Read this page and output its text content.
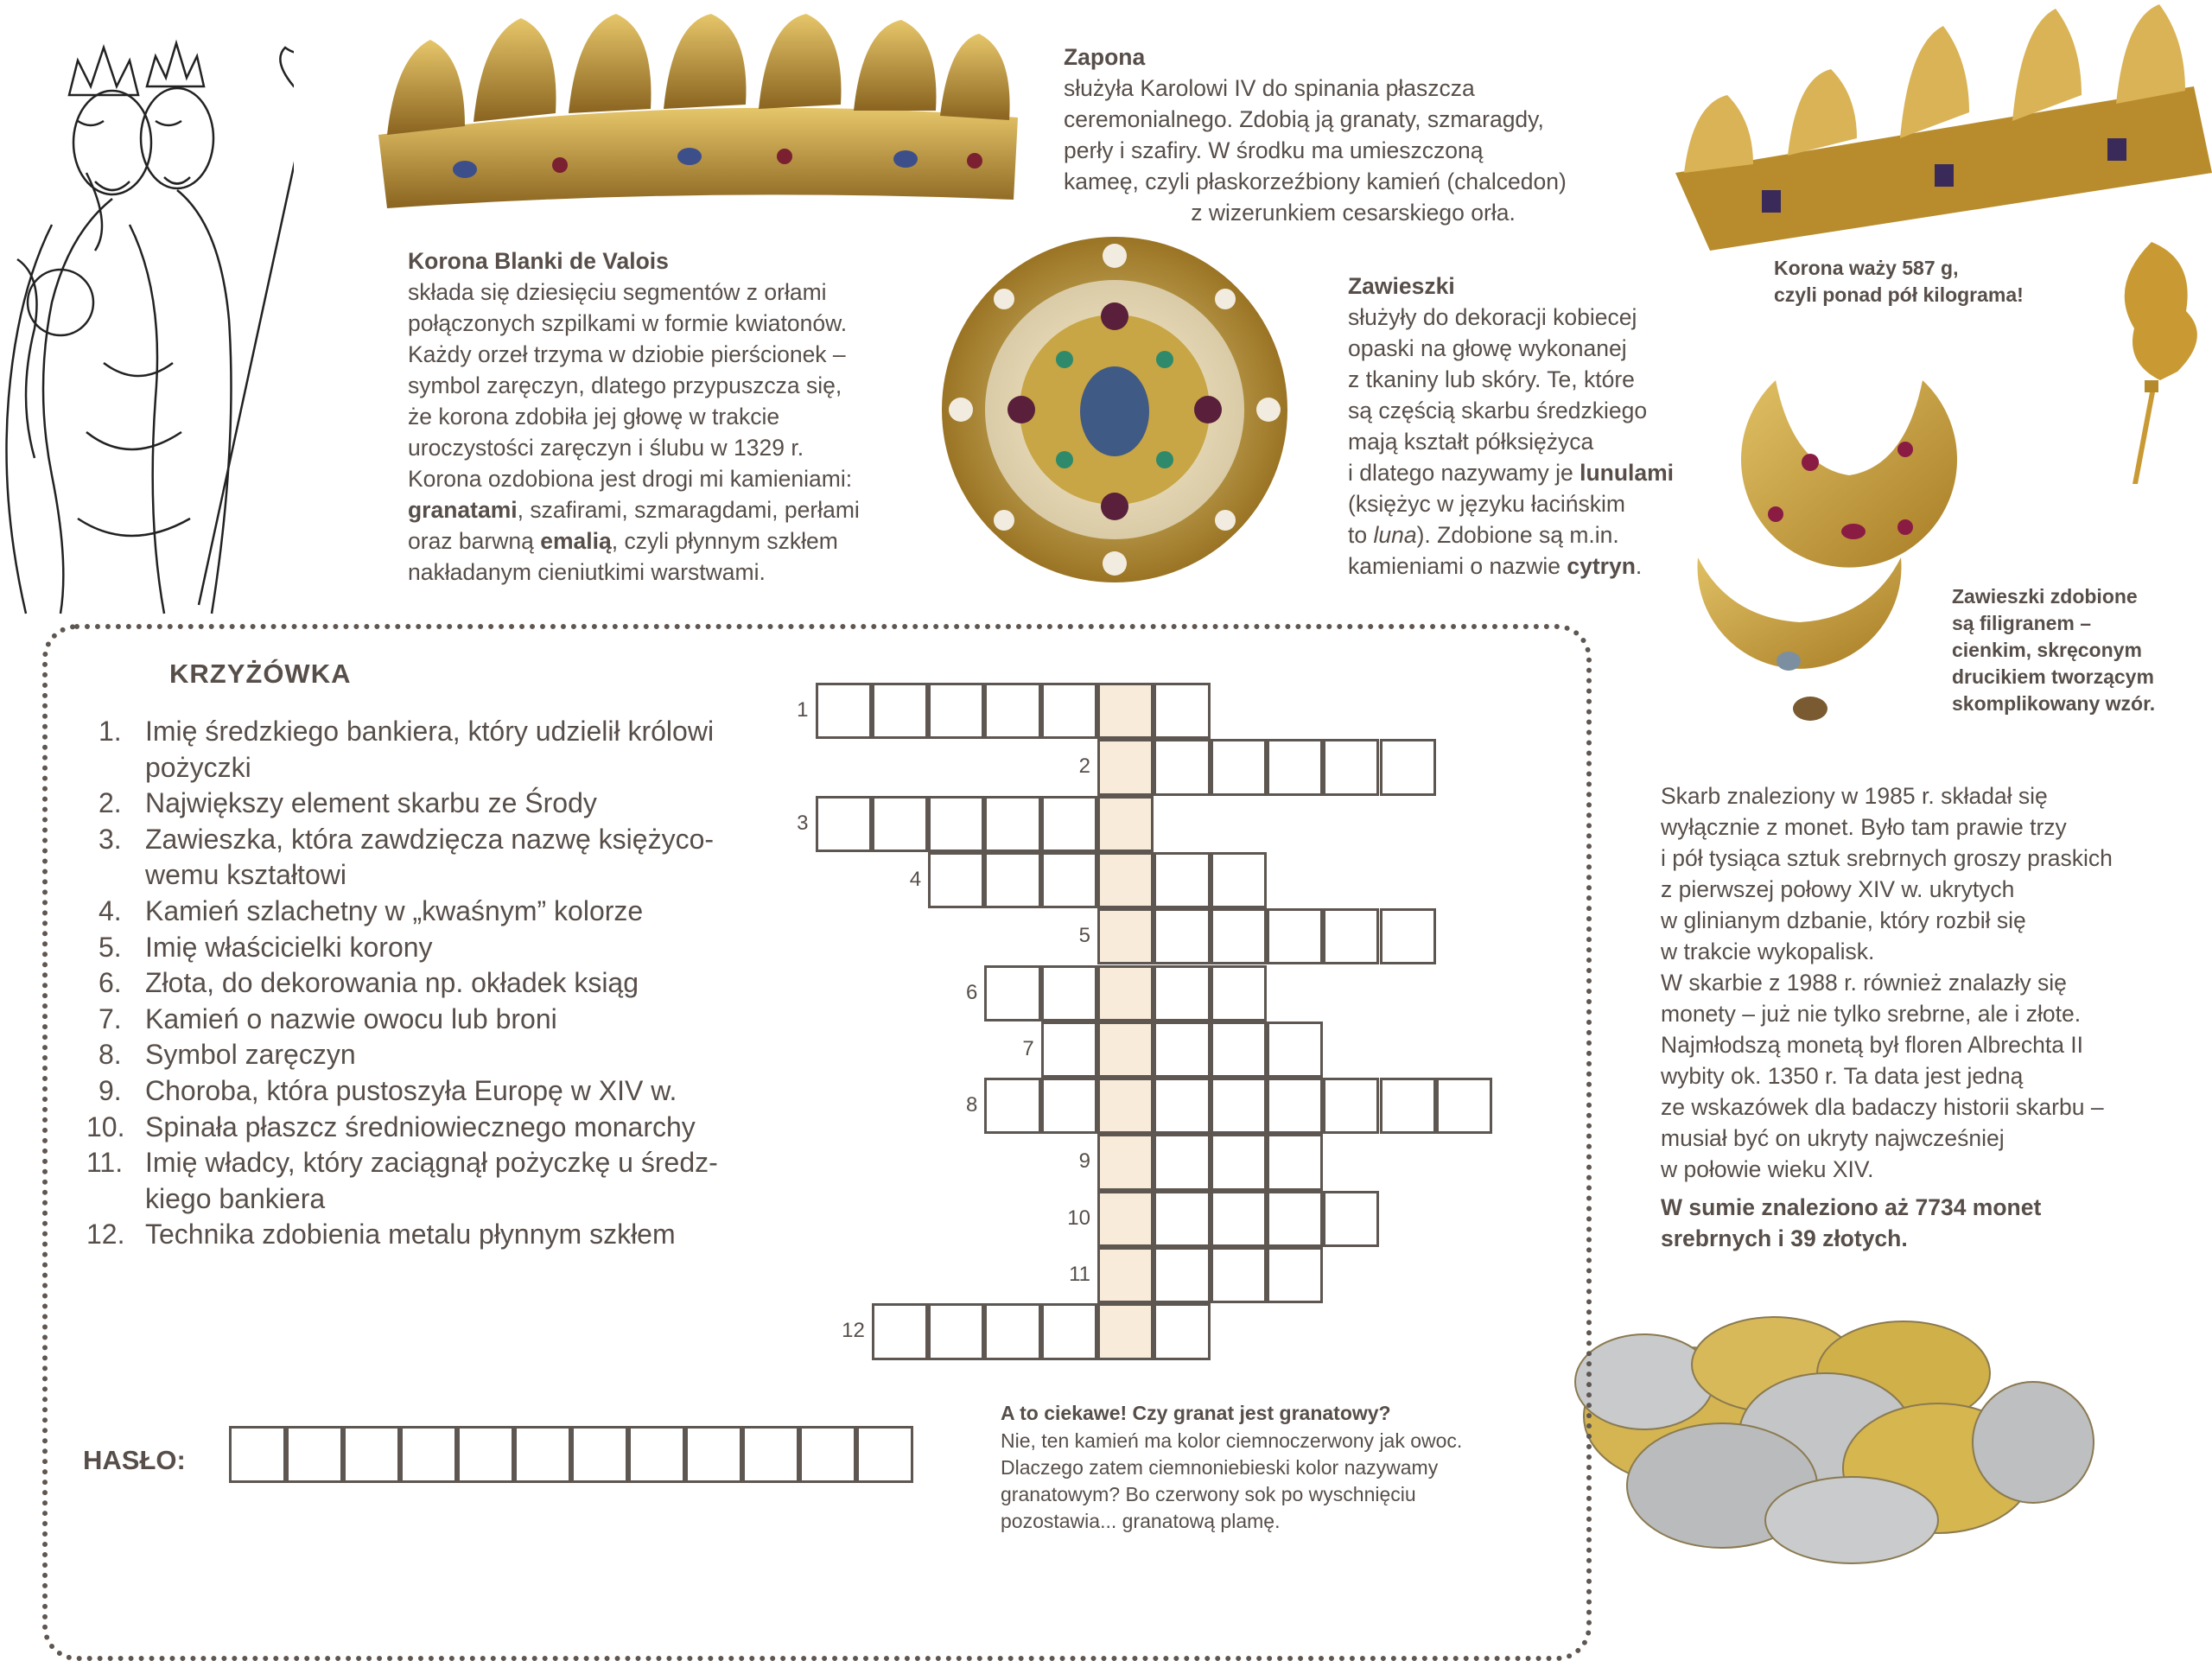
Zapona
służyła Karolowi IV do spinania płaszcza
ceremonialnego. Zdobią ją granaty, szmaragdy,
perły i szafiry. W środku ma umieszczoną
kameę, czyli płaskorzeźbiony kamień (chalcedon)
z wizerunkiem cesarskiego orła.
Korona Blanki de Valois
składa się dziesięciu segmentów z orłami
połączonych szpilkami w formie kwiatonów.
Każdy orzeł trzyma w dziobie pierścionek –
symbol zaręczyn, dlatego przypuszcza się,
że korona zdobiła jej głowę w trakcie
uroczystości zaręczyn i ślubu w 1329 r.
Korona ozdobiona jest drogi mi kamieniami:
granatami, szafirami, szmaragdami, perłami
oraz barwną emalią, czyli płynnym szkłem
nakładanym cieniutkimi warstwami.
Zawieszki
służyły do dekoracji kobiecej
opaski na głowę wykonanej
z tkaniny lub skóry. Te, które
są częścią skarbu średzkiego
mają kształt półksiężyca
i dlatego nazywamy je lunulami
(księżyc w języku łacińskim
to luna). Zdobione są m.in.
kamieniami o nazwie cytryn.
Korona waży 587 g,
czyli ponad pół kilograma!
Zawieszki zdobione
są filigranem –
cienkim, skręconym
drucikiem tworzącym
skomplikowany wzór.
Skarb znaleziony w 1985 r. składał się
wyłącznie z monet. Było tam prawie trzy
i pół tysiąca sztuk srebrnych groszy praskich
z pierwszej połowy XIV w. ukrytych
w glinianym dzbanie, który rozbił się
w trakcie wykopalisk.
W skarbie z 1988 r. również znalazły się
monety – już nie tylko srebrne, ale i złote.
Najmłodszą monetą był floren Albrechta II
wybity ok. 1350 r. Ta data jest jedną
ze wskazówek dla badaczy historii skarbu –
musiał być on ukryty najwcześniej
w połowie wieku XIV.
W sumie znaleziono aż 7734 monet
srebrnych i 39 złotych.
KRZYŻÓWKA
1. Imię średzkiego bankiera, który udzielił królowi
pożyczki
2. Największy element skarbu ze Środy
3. Zawieszka, która zawdzięcza nazwę księżyco-
wemu kształtowi
4. Kamień szlachetny w „kwaśnym” kolorze
5. Imię właścicielki korony
6. Złota, do dekorowania np. okładek ksiąg
7. Kamień o nazwie owocu lub broni
8. Symbol zaręczyn
9. Choroba, która pustoszyła Europę w XIV w.
10. Spinała płaszcz średniowiecznego monarchy
11. Imię władcy, który zaciągnął pożyczkę u średz-
kiego bankiera
12. Technika zdobienia metalu płynnym szkłem
1
2
3
4
5
6
7
8
9
10
11
12
HASŁO:
A to ciekawe! Czy granat jest granatowy?
Nie, ten kamień ma kolor ciemnoczerwony jak owoc.
Dlaczego zatem ciemnoniebieski kolor nazywamy
granatowym? Bo czerwony sok po wyschnięciu
pozostawia... granatową plamę.
